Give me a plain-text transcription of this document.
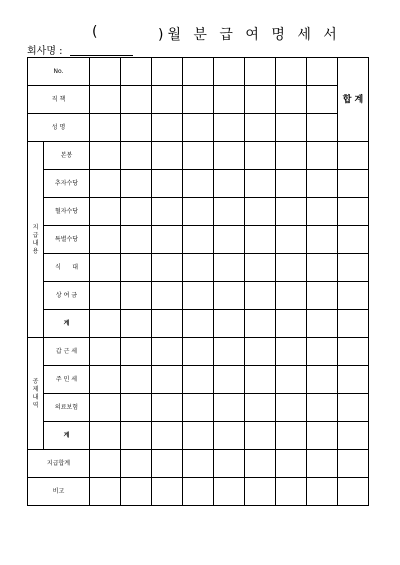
(	)월 분 급 여 명 세 서
회사명 :
No.										합 계
직 책										
성 명										
지급내용	본봉									
	추자수당									
	혈자수당									
	특별수당									
	식      대									
	상 여 금									
	계									
공제내역	갑 근 세									
	주 민 세									
	의료보험									
	계									
지급합계										
비고										
